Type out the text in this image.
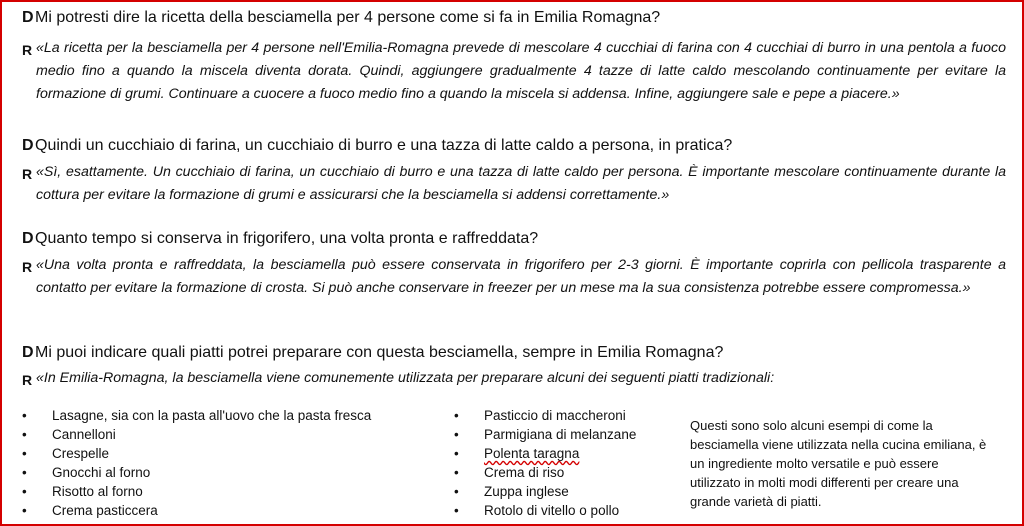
D Mi potresti dire la ricetta della besciamella per 4 persone come si fa in Emilia Romagna?
R «La ricetta per la besciamella per 4 persone nell'Emilia-Romagna prevede di mescolare 4 cucchiai di farina con 4 cucchiai di burro in una pentola a fuoco medio fino a quando la miscela diventa dorata. Quindi, aggiungere gradualmente 4 tazze di latte caldo mescolando continuamente per evitare la formazione di grumi. Continuare a cuocere a fuoco medio fino a quando la miscela si addensa. Infine, aggiungere sale e pepe a piacere.»
D Quindi un cucchiaio di farina, un cucchiaio di burro e una tazza di latte caldo a persona, in pratica?
R «Sì, esattamente. Un cucchiaio di farina, un cucchiaio di burro e una tazza di latte caldo per persona. È importante mescolare continuamente durante la cottura per evitare la formazione di grumi e assicurarsi che la besciamella si addensi correttamente.»
D Quanto tempo si conserva in frigorifero, una volta pronta e raffreddata?
R «Una volta pronta e raffreddata, la besciamella può essere conservata in frigorifero per 2-3 giorni. È importante coprirla con pellicola trasparente a contatto per evitare la formazione di crosta. Si può anche conservare in freezer per un mese ma la sua consistenza potrebbe essere compromessa.»
D Mi puoi indicare quali piatti potrei preparare con questa besciamella, sempre in Emilia Romagna?
R «In Emilia-Romagna, la besciamella viene comunemente utilizzata per preparare alcuni dei seguenti piatti tradizionali:
• Lasagne, sia con la pasta all'uovo che la pasta fresca
• Cannelloni
• Crespelle
• Gnocchi al forno
• Risotto al forno
• Crema pasticcera
• Pasticcio di maccheroni
• Parmigiana di melanzane
• Polenta taragna
• Crema di riso
• Zuppa inglese
• Rotolo di vitello o pollo
Questi sono solo alcuni esempi di come la besciamella viene utilizzata nella cucina emiliana, è un ingrediente molto versatile e può essere utilizzato in molti modi differenti per creare una grande varietà di piatti.
